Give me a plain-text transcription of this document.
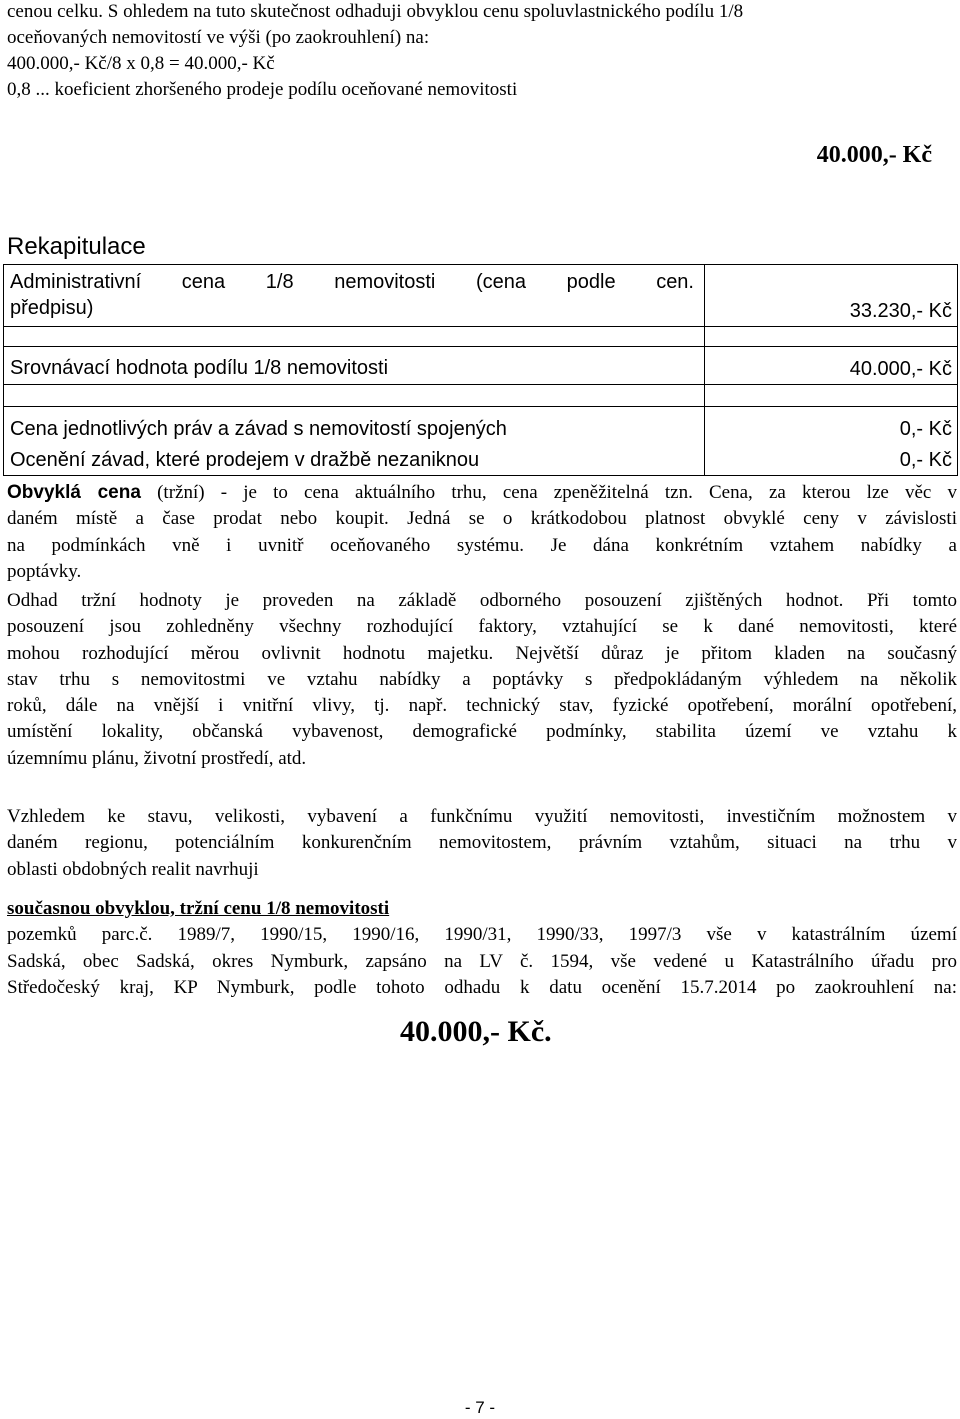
cenou celku. S ohledem na tuto skutečnost odhaduji obvyklou cenu spoluvlastnického podílu 1/8
oceňovaných nemovitostí ve výši (po zaokrouhlení) na:
400.000,- Kč/8 x 0,8 = 40.000,- Kč
0,8 ... koeficient zhoršeného prodeje podílu oceňované nemovitosti
40.000,- Kč
Rekapitulace
Administrativní cena 1/8 nemovitosti (cena podle cen.
předpisu)	33.230,- Kč
Srovnávací hodnota podílu 1/8 nemovitosti	40.000,- Kč
Cena jednotlivých práv a závad s nemovitostí spojených	0,- Kč
Ocenění závad, které prodejem v dražbě nezaniknou	0,- Kč
Obvyklá cena (tržní) - je to cena aktuálního trhu, cena zpeněžitelná tzn. Cena, za kterou lze věc v
daném místě a čase prodat nebo koupit. Jedná se o krátkodobou platnost obvyklé ceny v závislosti
na podmínkách vně i uvnitř oceňovaného systému. Je dána konkrétním vztahem nabídky a
poptávky.
Odhad tržní hodnoty je proveden na základě odborného posouzení zjištěných hodnot. Při tomto
posouzení jsou zohledněny všechny rozhodující faktory, vztahující se k dané nemovitosti, které
mohou rozhodující měrou ovlivnit hodnotu majetku. Největší důraz je přitom kladen na současný
stav trhu s nemovitostmi ve vztahu nabídky a poptávky s předpokládaným výhledem na několik
roků, dále na vnější i vnitřní vlivy, tj. např. technický stav, fyzické opotřebení, morální opotřebení,
umístění lokality, občanská vybavenost, demografické podmínky, stabilita území ve vztahu k
územnímu plánu, životní prostředí, atd.
Vzhledem ke stavu, velikosti, vybavení a funkčnímu využití nemovitosti, investičním možnostem v
daném regionu, potenciálním konkurenčním nemovitostem, právním vztahům, situaci na trhu v
oblasti obdobných realit navrhuji
současnou obvyklou, tržní cenu 1/8 nemovitosti
pozemků parc.č. 1989/7, 1990/15, 1990/16, 1990/31, 1990/33, 1997/3 vše v katastrálním území
Sadská, obec Sadská, okres Nymburk, zapsáno na LV č. 1594, vše vedené u Katastrálního úřadu pro
Středočeský kraj, KP Nymburk, podle tohoto odhadu k datu ocenění 15.7.2014 po zaokrouhlení na:
40.000,- Kč.
- 7 -
